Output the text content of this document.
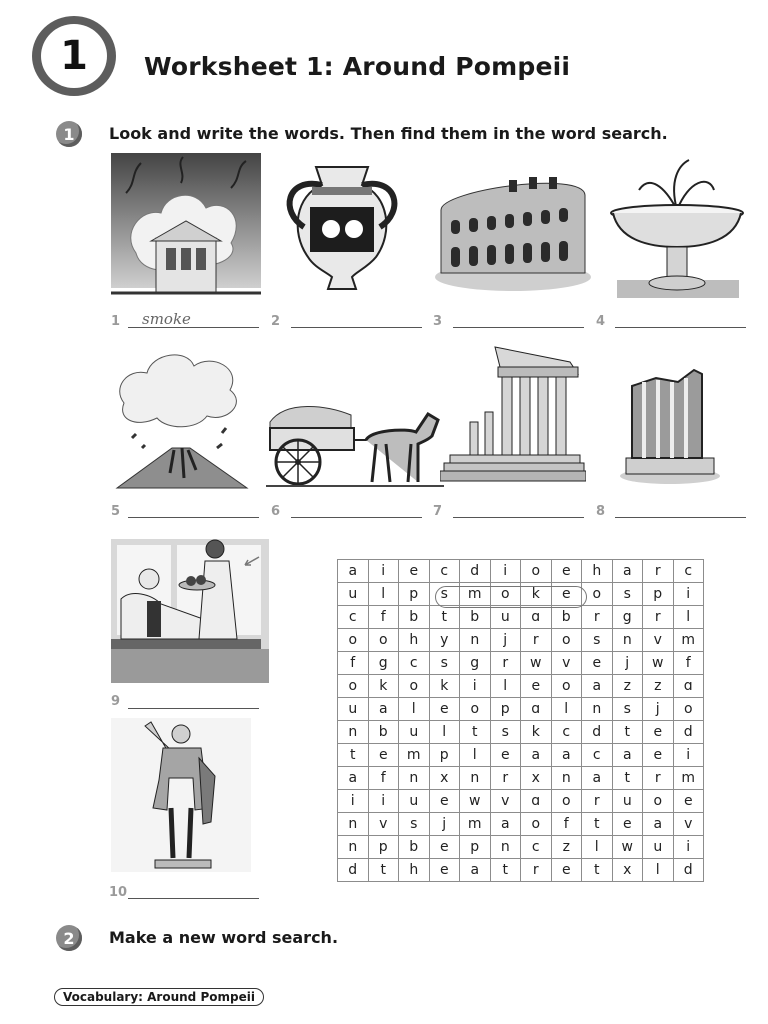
1	Worksheet 1: Around Pompeii
1	Look and write the words. Then find them in the word search.
1 smoke	2	3	4
5	6	7	8
9
10
a	i	e	c	d	i	o	e	h	a	r	c
u	l	p	s	m	o	k	e	o	s	p	i
c	f	b	t	b	u	ɑ	b	r	g	r	l
o	o	h	y	n	j	r	o	s	n	v	m
f	g	c	s	g	r	w	v	e	j	w	f
o	k	o	k	i	l	e	o	a	z	z	ɑ
u	a	l	e	o	p	ɑ	l	n	s	j	o
n	b	u	l	t	s	k	c	d	t	e	d
t	e	m	p	l	e	a	a	c	a	e	i
a	f	n	x	n	r	x	n	a	t	r	m
i	i	u	e	w	v	ɑ	o	r	u	o	e
n	v	s	j	m	a	o	f	t	e	a	v
n	p	b	e	p	n	c	z	l	w	u	i
d	t	h	e	a	t	r	e	t	x	l	d
2	Make a new word search.
Vocabulary: Around Pompeii
